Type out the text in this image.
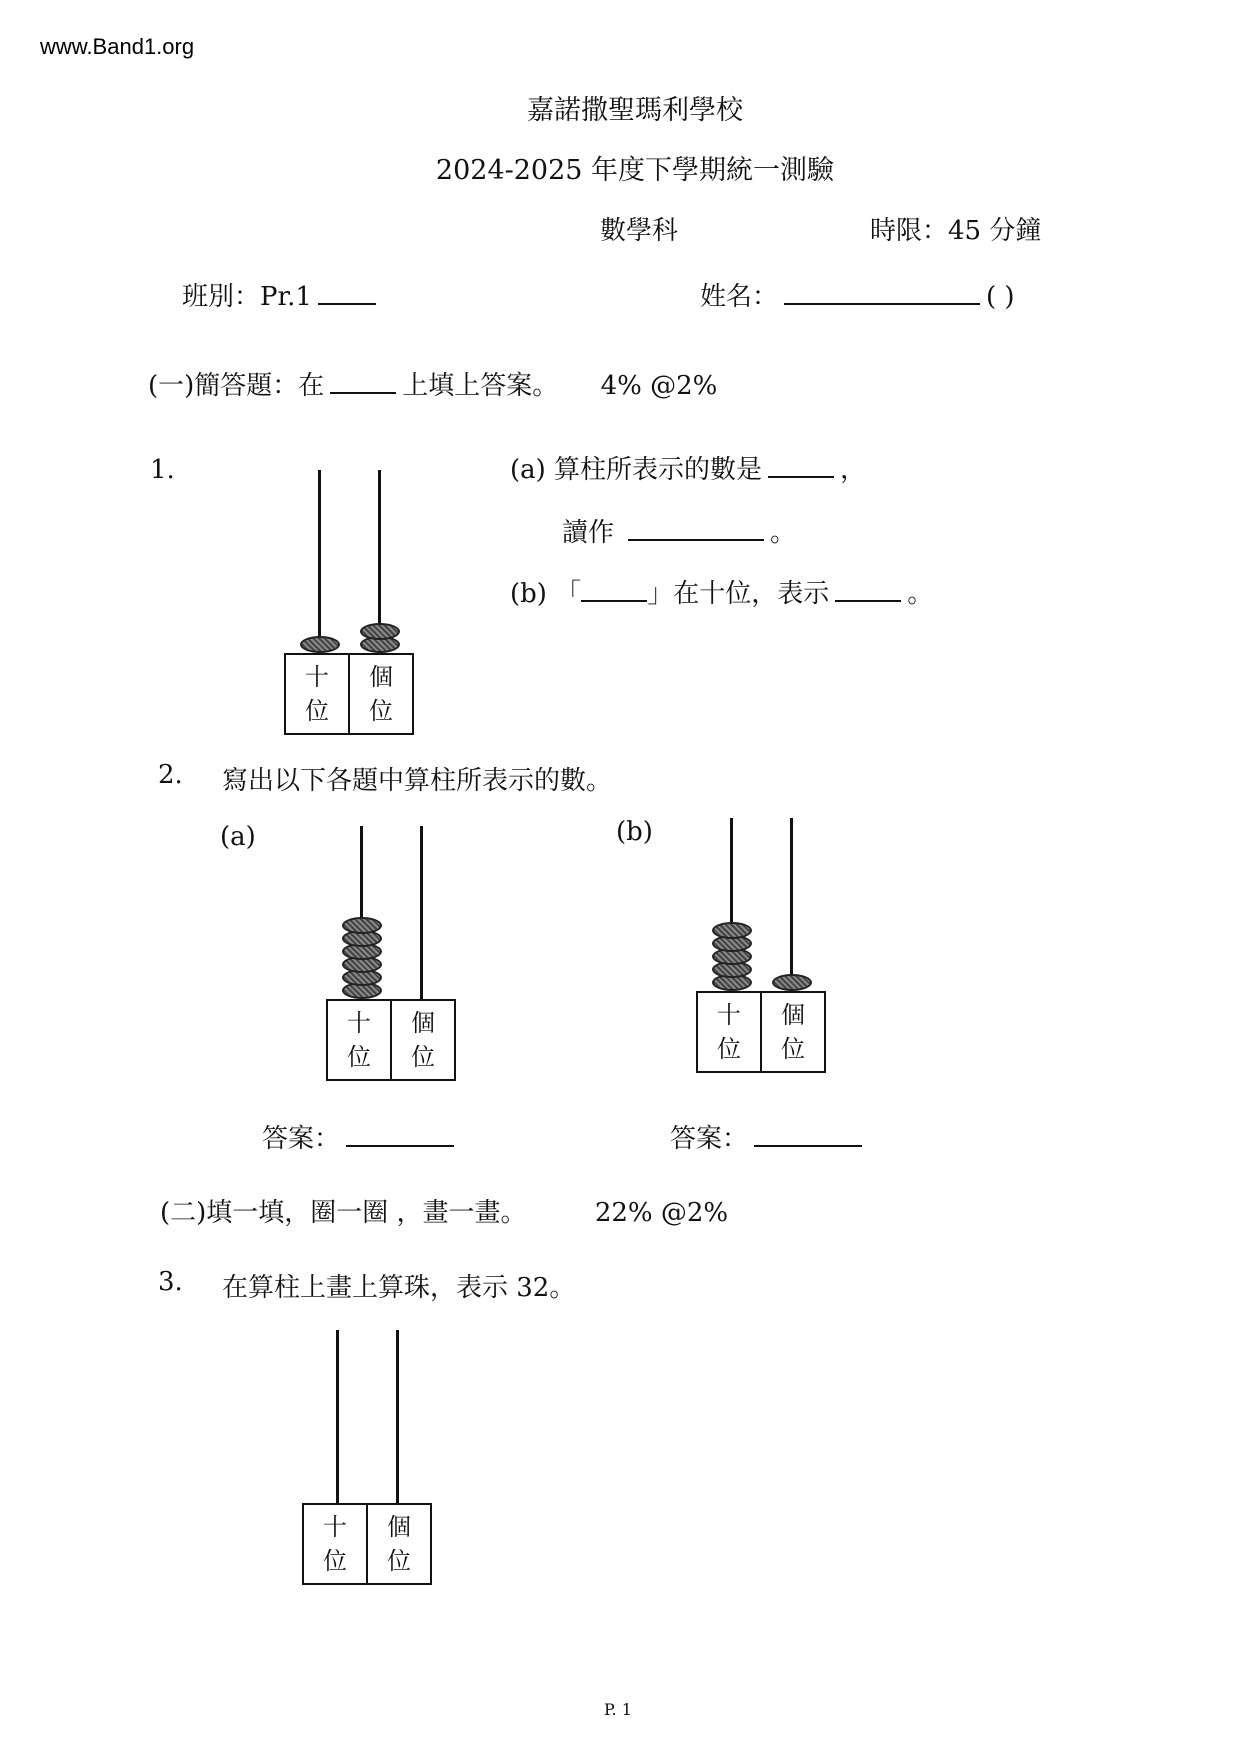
www.Band1.org
嘉諾撒聖瑪利學校
2024-2025 年度下學期統一測驗
數學科	時限：45 分鐘
班別：Pr.1	姓名：	( )
(一)簡答題：在	上填上答案。 4% @2%
1.
十
位
個
位
(a) 算柱所表示的數是	，
讀作	。
(b) 「	」在十位，表示	。
2. 寫出以下各題中算柱所表示的數。
(a)
十
位
個
位
答案：
(b)
十
位
個
位
答案：
(二)填一填，圈一圈 ，畫一畫。	22% @2%
3. 在算柱上畫上算珠，表示 32。
十
位
個
位
P. 1
